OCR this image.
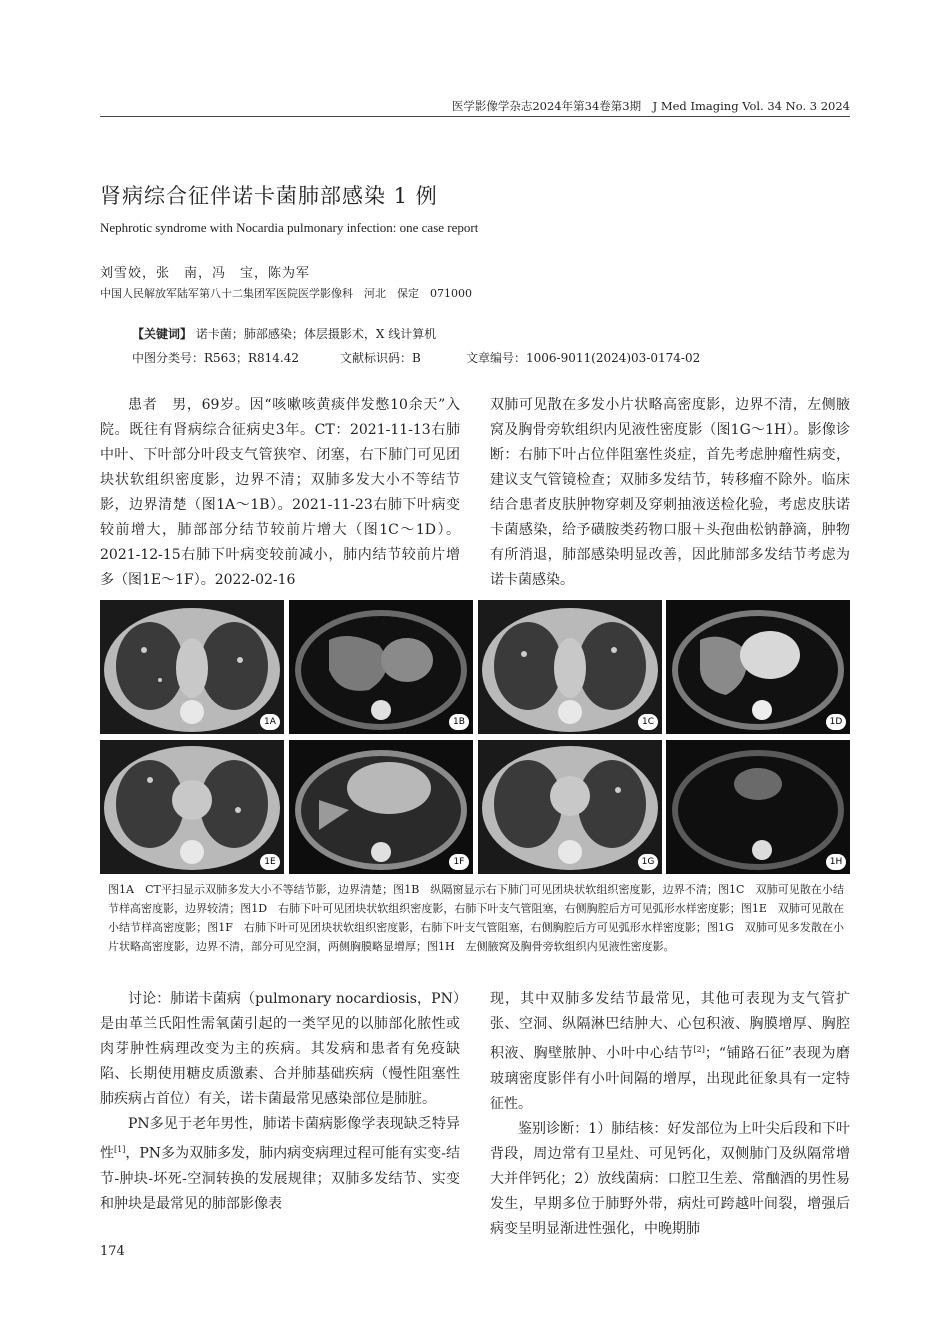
医学影像学杂志2024年第34卷第3期　J Med Imaging Vol. 34 No. 3 2024
肾病综合征伴诺卡菌肺部感染 1 例
Nephrotic syndrome with Nocardia pulmonary infection: one case report
刘雪姣，张　南，冯　宝，陈为军
中国人民解放军陆军第八十二集团军医院医学影像科　河北　保定　071000
【关键词】 诺卡菌；肺部感染；体层摄影术，X 线计算机
中图分类号：R563；R814.42	文献标识码：B	文章编号：1006-9011(2024)03-0174-02

患者　男，69岁。因“咳嗽咳黄痰伴发憋10余天”入院。既往有肾病综合征病史3年。CT：2021-11-13右肺中叶、下叶部分叶段支气管狭窄、闭塞，右下肺门可见团块状软组织密度影，边界不清；双肺多发大小不等结节影，边界清楚（图1A～1B）。2021-11-23右肺下叶病变较前增大，肺部部分结节较前片增大（图1C～1D）。2021-12-15右肺下叶病变较前减小，肺内结节较前片增多（图1E～1F）。2022-02-16

双肺可见散在多发小片状略高密度影，边界不清，左侧腋窝及胸骨旁软组织内见液性密度影（图1G～1H）。影像诊断：右肺下叶占位伴阻塞性炎症，首先考虑肿瘤性病变，建议支气管镜检查；双肺多发结节，转移瘤不除外。临床结合患者皮肤肿物穿刺及穿刺抽液送检化验，考虑皮肤诺卡菌感染，给予磺胺类药物口服＋头孢曲松钠静滴，肿物有所消退，肺部感染明显改善，因此肺部多发结节考虑为诺卡菌感染。

1A	1B	1C	1D
1E	1F	1G	1H
图1A　CT平扫显示双肺多发大小不等结节影，边界清楚；图1B　纵隔窗显示右下肺门可见团块状软组织密度影，边界不清；图1C　双肺可见散在小结节样高密度影，边界较清；图1D　右肺下叶可见团块状软组织密度影，右肺下叶支气管阻塞，右侧胸腔后方可见弧形水样密度影；图1E　双肺可见散在小结节样高密度影；图1F　右肺下叶可见团块状软组织密度影，右肺下叶支气管阻塞，右侧胸腔后方可见弧形水样密度影；图1G　双肺可见多发散在小片状略高密度影，边界不清，部分可见空洞，两侧胸膜略显增厚；图1H　左侧腋窝及胸骨旁软组织内见液性密度影。

讨论：肺诺卡菌病（pulmonary nocardiosis，PN）是由革兰氏阳性需氧菌引起的一类罕见的以肺部化脓性或肉芽肿性病理改变为主的疾病。其发病和患者有免疫缺陷、长期使用糖皮质激素、合并肺基础疾病（慢性阻塞性肺疾病占首位）有关，诺卡菌最常见感染部位是肺脏。

PN多见于老年男性，肺诺卡菌病影像学表现缺乏特异性[1]，PN多为双肺多发，肺内病变病理过程可能有实变-结节-肿块-坏死-空洞转换的发展规律；双肺多发结节、实变和肿块是最常见的肺部影像表

现，其中双肺多发结节最常见，其他可表现为支气管扩张、空洞、纵隔淋巴结肿大、心包积液、胸膜增厚、胸腔积液、胸壁脓肿、小叶中心结节[2]；“铺路石征”表现为磨玻璃密度影伴有小叶间隔的增厚，出现此征象具有一定特征性。

鉴别诊断：1）肺结核：好发部位为上叶尖后段和下叶背段，周边常有卫星灶、可见钙化，双侧肺门及纵隔常增大并伴钙化；2）放线菌病：口腔卫生差、常酗酒的男性易发生，早期多位于肺野外带，病灶可跨越叶间裂，增强后病变呈明显渐进性强化，中晚期肺

174
